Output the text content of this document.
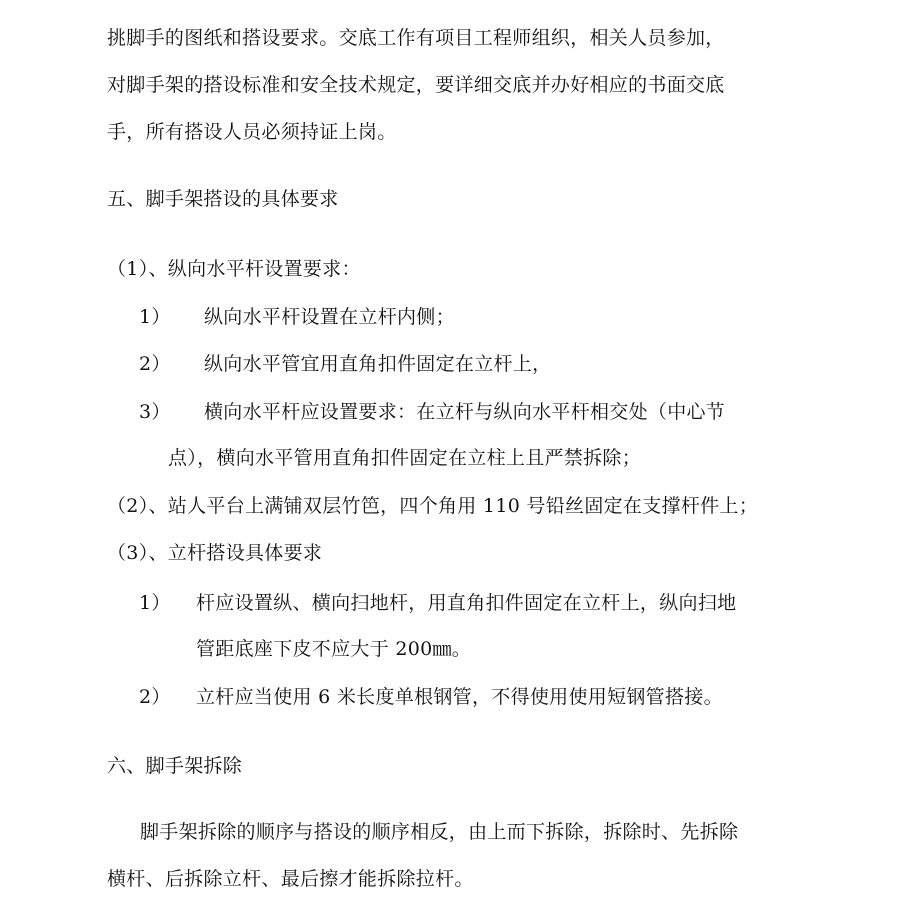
挑脚手的图纸和搭设要求。交底工作有项目工程师组织，相关人员参加，
对脚手架的搭设标准和安全技术规定，要详细交底并办好相应的书面交底
手，所有搭设人员必须持证上岗。
五、脚手架搭设的具体要求
（1）、纵向水平杆设置要求：
1） 纵向水平杆设置在立杆内侧；
2） 纵向水平管宜用直角扣件固定在立杆上，
3） 横向水平杆应设置要求：在立杆与纵向水平杆相交处（中心节
点），横向水平管用直角扣件固定在立柱上且严禁拆除；
（2）、站人平台上满铺双层竹笆，四个角用 110 号铅丝固定在支撑杆件上；
（3）、立杆搭设具体要求
1） 杆应设置纵、横向扫地杆，用直角扣件固定在立杆上，纵向扫地
管距底座下皮不应大于 200㎜。
2） 立杆应当使用 6 米长度单根钢管，不得使用使用短钢管搭接。
六、脚手架拆除
脚手架拆除的顺序与搭设的顺序相反，由上而下拆除，拆除时、先拆除
横杆、后拆除立杆、最后擦才能拆除拉杆。
